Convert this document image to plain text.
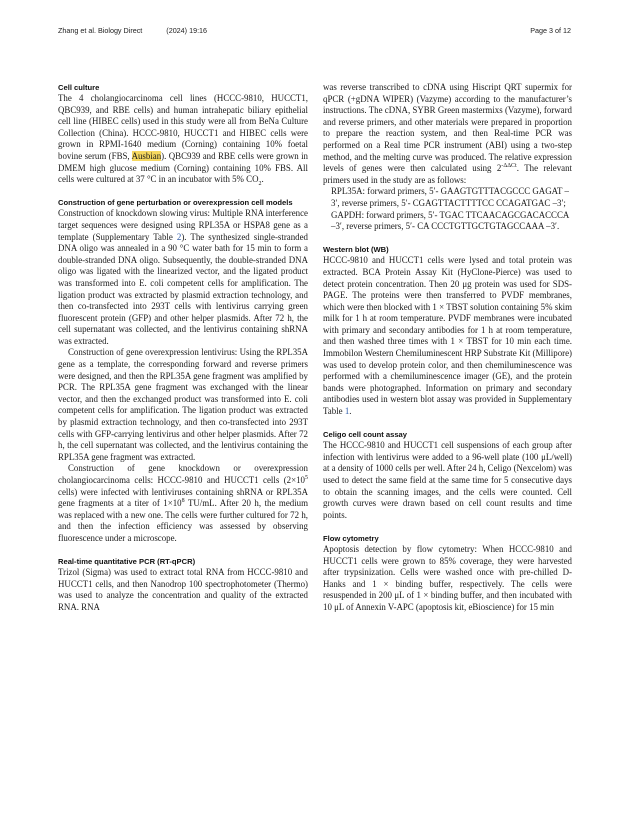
Zhang et al. Biology Direct	(2024) 19:16	Page 3 of 12
Cell culture

The 4 cholangiocarcinoma cell lines (HCCC-9810, HUCCT1, QBC939, and RBE cells) and human intrahepatic biliary epithelial cell line (HIBEC cells) used in this study were all from BeNa Culture Collection (China). HCCC-9810, HUCCT1 and HIBEC cells were grown in RPMI-1640 medium (Corning) containing 10% foetal bovine serum (FBS, Ausbian). QBC939 and RBE cells were grown in DMEM high glucose medium (Corning) containing 10% FBS. All cells were cultured at 37 °C in an incubator with 5% $CO_2$.

Construction of gene perturbation or overexpression cell models

Construction of knockdown slowing virus: Multiple RNA interference target sequences were designed using RPL35A or HSPA8 gene as a template (Supplementary Table 2). The synthesized single-stranded DNA oligo was annealed in a 90 °C water bath for 15 min to form a double-stranded DNA oligo. Subsequently, the double-stranded DNA oligo was ligated with the linearized vector, and the ligated product was transformed into E. coli competent cells for amplification. The ligation product was extracted by plasmid extraction technology, and then co-transfected into 293T cells with lentivirus carrying green fluorescent protein (GFP) and other helper plasmids. After 72 h, the cell supernatant was collected, and the lentivirus containing shRNA was extracted.

Construction of gene overexpression lentivirus: Using the RPL35A gene as a template, the corresponding forward and reverse primers were designed, and then the RPL35A gene fragment was amplified by PCR. The RPL35A gene fragment was exchanged with the linear vector, and then the exchanged product was transformed into E. coli competent cells for amplification. The ligation product was extracted by plasmid extraction technology, and then co-transfected into 293T cells with GFP-carrying lentivirus and other helper plasmids. After 72 h, the cell supernatant was collected, and the lentivirus containing the RPL35A gene fragment was extracted.

Construction of gene knockdown or overexpression cholangiocarcinoma cells: HCCC-9810 and HUCCT1 cells ($2\times 10^5$ cells) were infected with lentiviruses containing shRNA or RPL35A gene fragments at a titer of $1\times 10^8$ TU/mL. After 20 h, the medium was replaced with a new one. The cells were further cultured for 72 h, and then the infection efficiency was assessed by observing fluorescence under a microscope.

Real-time quantitative PCR (RT-qPCR)

Trizol (Sigma) was used to extract total RNA from HCCC-9810 and HUCCT1 cells, and then Nanodrop 100 spectrophotometer (Thermo) was used to analyze the concentration and quality of the extracted RNA. RNA

was reverse transcribed to cDNA using Hiscript QRT supermix for qPCR (+gDNA WIPER) (Vazyme) according to the manufacturer’s instructions. The cDNA, SYBR Green mastermixs (Vazyme), forward and reverse primers, and other materials were prepared in proportion to prepare the reaction system, and then Real-time PCR was performed on a Real time PCR instrument (ABI) using a two-step method, and the melting curve was produced. The relative expression levels of genes were then calculated using $2^{-\Delta\Delta Ct}$. The relevant primers used in the study are as follows:

RPL35A: forward primers, 5′- GAAGTGTTTACGCCC GAGAT –3′, reverse primers, 5′- CGAGTTACTTTTCC CCAGATGAC –3′; GAPDH: forward primers, 5′- TGAC TTCAACAGCGACACCCA –3′, reverse primers, 5′- CA CCCTGTTGCTGTAGCCAAA –3′.

Western blot (WB)

HCCC-9810 and HUCCT1 cells were lysed and total protein was extracted. BCA Protein Assay Kit (HyClone-Pierce) was used to detect protein concentration. Then 20 μg protein was used for SDS-PAGE. The proteins were then transferred to PVDF membranes, which were then blocked with 1 × TBST solution containing 5% skim milk for 1 h at room temperature. PVDF membranes were incubated with primary and secondary antibodies for 1 h at room temperature, and then washed three times with 1 × TBST for 10 min each time. Immobilon Western Chemiluminescent HRP Substrate Kit (Millipore) was used to develop protein color, and then chemiluminescence was performed with a chemiluminescence imager (GE), and the protein bands were photographed. Information on primary and secondary antibodies used in western blot assay was provided in Supplementary Table 1.

Celigo cell count assay

The HCCC-9810 and HUCCT1 cell suspensions of each group after infection with lentivirus were added to a 96-well plate (100 μL/well) at a density of 1000 cells per well. After 24 h, Celigo (Nexcelom) was used to detect the same field at the same time for 5 consecutive days to obtain the scanning images, and the cells were counted. Cell growth curves were drawn based on cell count results and time points.

Flow cytometry

Apoptosis detection by flow cytometry: When HCCC-9810 and HUCCT1 cells were grown to 85% coverage, they were harvested after trypsinization. Cells were washed once with pre-chilled D-Hanks and 1 × binding buffer, respectively. The cells were resuspended in 200 μL of 1 × binding buffer, and then incubated with 10 μL of Annexin V-APC (apoptosis kit, eBioscience) for 15 min
